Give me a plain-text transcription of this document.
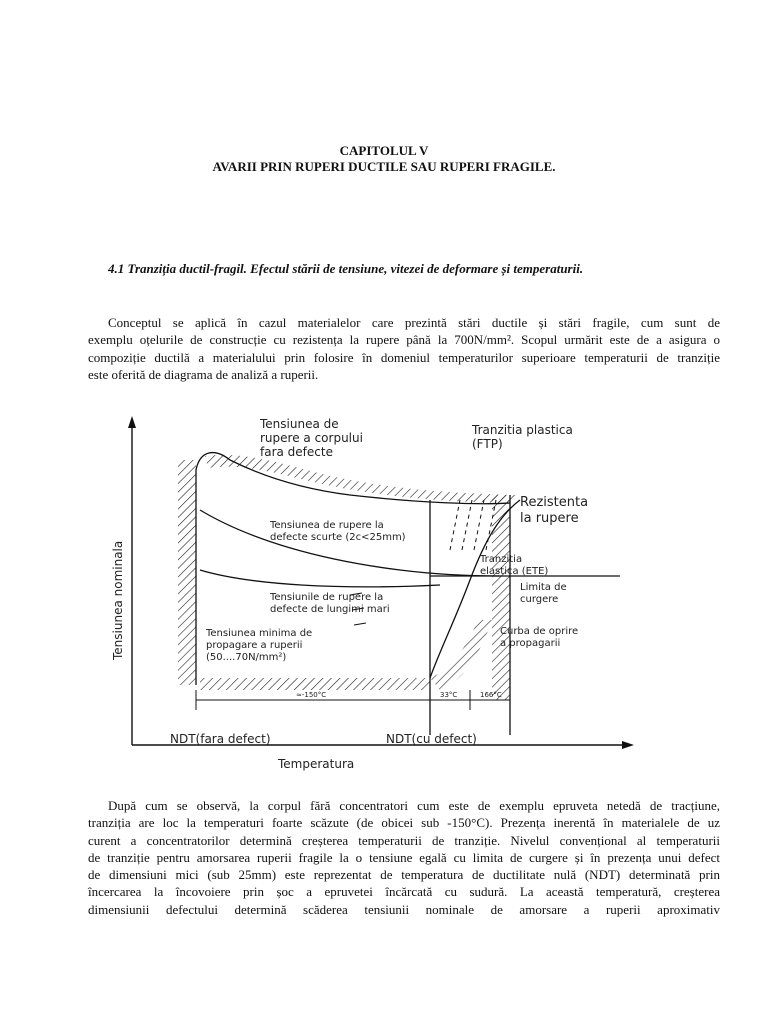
CAPITOLUL V
AVARII PRIN RUPERI DUCTILE SAU RUPERI FRAGILE.
4.1 Tranziția ductil-fragil. Efectul stării de tensiune, vitezei de deformare și temperaturii.
Conceptul se aplică în cazul materialelor care prezintă stări ductile și stări fragile, cum sunt de
exemplu oțelurile de construcție cu rezistența la rupere până la 700N/mm². Scopul urmărit este de a asigura o
compoziție ductilă a materialului prin folosire în domeniul temperaturilor superioare temperaturii de tranziție
este oferită de diagrama de analiză a ruperii.
Tensiunea nominala
Temperatura
Tensiunea de
rupere a corpului
fara defecte
Tranzitia plastica
(FTP)
Rezistenta
la rupere
Tensiunea de rupere la
defecte scurte (2c<25mm)
Tranzitia
elastica (ETE)
Limita de
curgere
Tensiunile de rupere la
defecte de lungimi mari
Curba de oprire
a propagarii
Tensiunea minima de
propagare a ruperii
(50....70N/mm²)
≈-150°C	33°C	166°C
NDT(fara defect)	NDT(cu defect)
După cum se observă, la corpul fără concentratori cum este de exemplu epruveta netedă de tracțiune,
tranziția are loc la temperaturi foarte scăzute (de obicei sub -150°C). Prezența inerentă în materialele de uz
curent a concentratorilor determină creșterea temperaturii de tranziție. Nivelul convențional al temperaturii
de tranziție pentru amorsarea ruperii fragile la o tensiune egală cu limita de curgere și în prezența unui defect
de dimensiuni mici (sub 25mm) este reprezentat de temperatura de ductilitate nulă (NDT) determinată prin
încercarea la încovoiere prin șoc a epruvetei încărcată cu sudură. La această temperatură, creșterea
dimensiunii defectului determină scăderea tensiunii nominale de amorsare a ruperii aproximativ
